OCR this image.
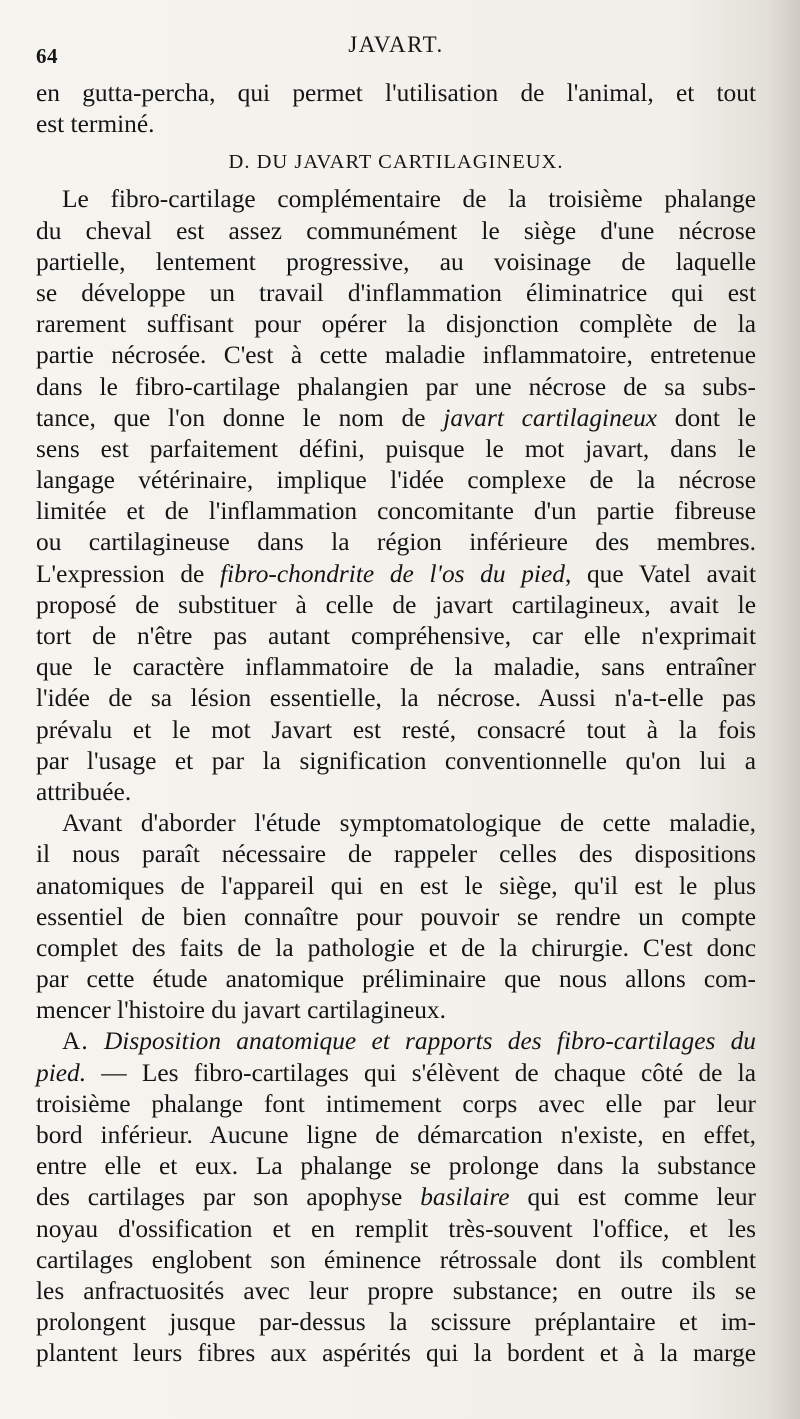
64	JAVART.
en gutta-percha, qui permet l'utilisation de l'animal, et tout
est terminé.
D. DU JAVART CARTILAGINEUX.
Le fibro-cartilage complémentaire de la troisième phalange
du cheval est assez communément le siège d'une nécrose
partielle, lentement progressive, au voisinage de laquelle
se développe un travail d'inflammation éliminatrice qui est
rarement suffisant pour opérer la disjonction complète de la
partie nécrosée. C'est à cette maladie inflammatoire, entretenue
dans le fibro-cartilage phalangien par une nécrose de sa subs-
tance, que l'on donne le nom de javart cartilagineux dont le
sens est parfaitement défini, puisque le mot javart, dans le
langage vétérinaire, implique l'idée complexe de la nécrose
limitée et de l'inflammation concomitante d'un partie fibreuse
ou cartilagineuse dans la région inférieure des membres.
L'expression de fibro-chondrite de l'os du pied, que Vatel avait
proposé de substituer à celle de javart cartilagineux, avait le
tort de n'être pas autant compréhensive, car elle n'exprimait
que le caractère inflammatoire de la maladie, sans entraîner
l'idée de sa lésion essentielle, la nécrose. Aussi n'a-t-elle pas
prévalu et le mot Javart est resté, consacré tout à la fois
par l'usage et par la signification conventionnelle qu'on lui a
attribuée.
Avant d'aborder l'étude symptomatologique de cette maladie,
il nous paraît nécessaire de rappeler celles des dispositions
anatomiques de l'appareil qui en est le siège, qu'il est le plus
essentiel de bien connaître pour pouvoir se rendre un compte
complet des faits de la pathologie et de la chirurgie. C'est donc
par cette étude anatomique préliminaire que nous allons com-
mencer l'histoire du javart cartilagineux.
A. Disposition anatomique et rapports des fibro-cartilages du
pied. — Les fibro-cartilages qui s'élèvent de chaque côté de la
troisième phalange font intimement corps avec elle par leur
bord inférieur. Aucune ligne de démarcation n'existe, en effet,
entre elle et eux. La phalange se prolonge dans la substance
des cartilages par son apophyse basilaire qui est comme leur
noyau d'ossification et en remplit très-souvent l'office, et les
cartilages englobent son éminence rétrossale dont ils comblent
les anfractuosités avec leur propre substance; en outre ils se
prolongent jusque par-dessus la scissure préplantaire et im-
plantent leurs fibres aux aspérités qui la bordent et à la marge
